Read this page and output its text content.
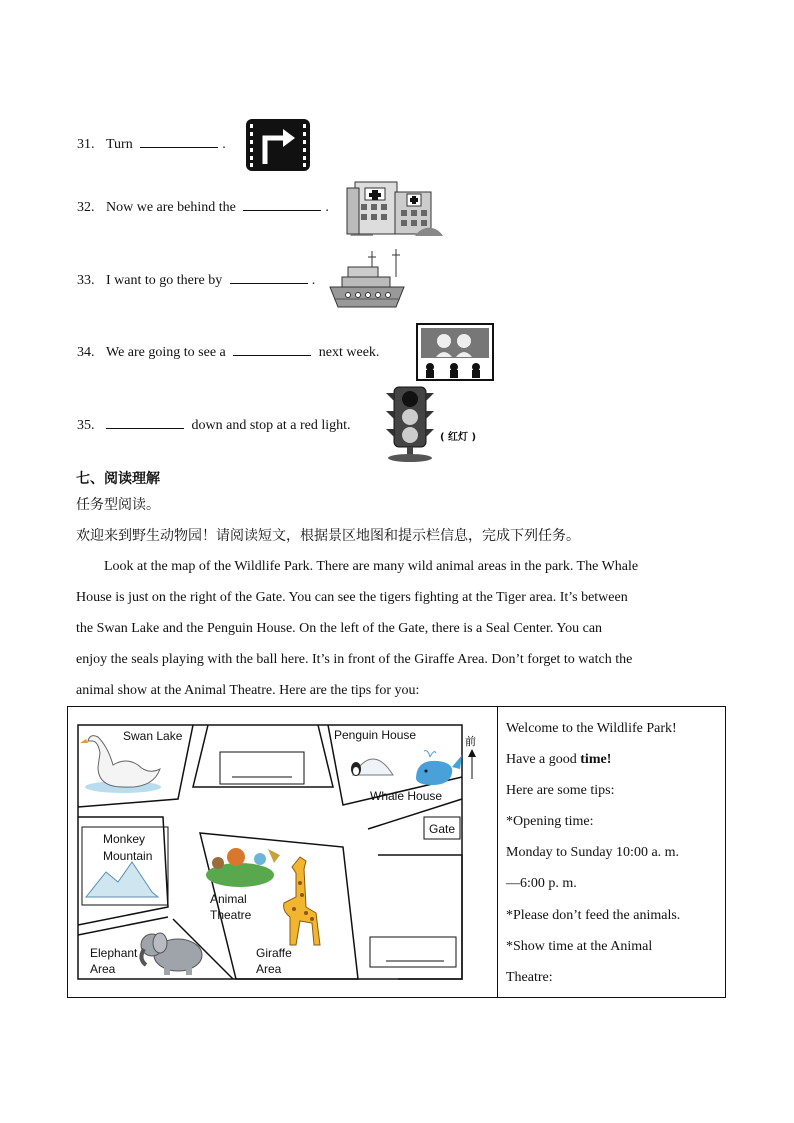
31. Turn	.
32. Now we are behind the	.
33. I want to go there by	.
34. We are going to see a	next week.
35.	down and stop at a red light.
( 红灯 )
七、阅读理解
任务型阅读。
欢迎来到野生动物园！请阅读短文，根据景区地图和提示栏信息，完成下列任务。
Look at the map of the Wildlife Park. There are many wild animal areas in the park. The Whale
House is just on the right of the Gate. You can see the tigers fighting at the Tiger area. It’s between
the Swan Lake and the Penguin House. On the left of the Gate, there is a Seal Center. You can
enjoy the seals playing with the ball here. It’s in front of the Giraffe Area. Don’t forget to watch the
animal show at the Animal Theatre. Here are the tips for you:
Gate
前
Swan Lake	Penguin House
Whale House
Monkey
Mountain
Animal
Theatre
Giraffe
Area
Elephant
Area
Welcome to the Wildlife Park!
Have a good time!
Here are some tips:
*Opening time:
Monday to Sunday 10:00 a. m.
—6:00 p. m.
*Please don’t feed the animals.
*Show time at the Animal
Theatre:
